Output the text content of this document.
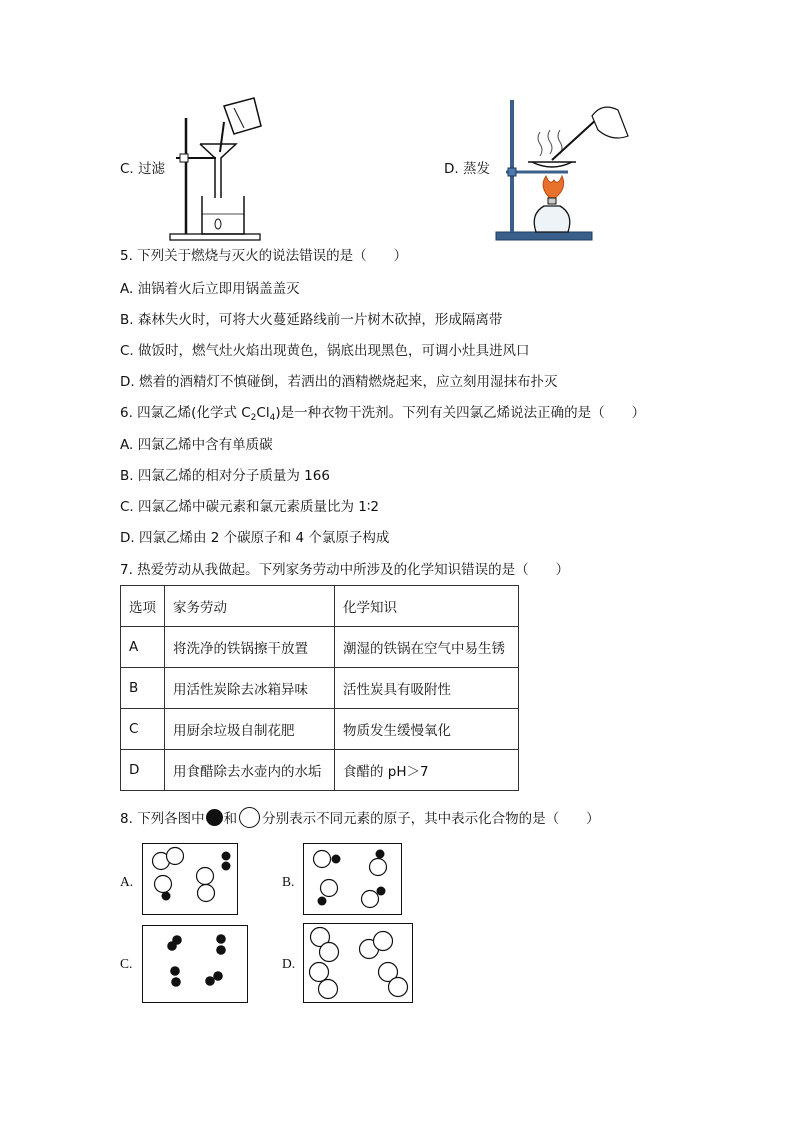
C. 过滤	D. 蒸发
5. 下列关于燃烧与灭火的说法错误的是（　　）
A. 油锅着火后立即用锅盖盖灭
B. 森林失火时，可将大火蔓延路线前一片树木砍掉，形成隔离带
C. 做饭时，燃气灶火焰出现黄色，锅底出现黑色，可调小灶具进风口
D. 燃着的酒精灯不慎碰倒，若洒出的酒精燃烧起来，应立刻用湿抹布扑灭
6. 四氯乙烯(化学式 $C_2Cl_4$)是一种衣物干洗剂。下列有关四氯乙烯说法正确的是（　　）
A. 四氯乙烯中含有单质碳
B. 四氯乙烯的相对分子质量为 166
C. 四氯乙烯中碳元素和氯元素质量比为 1∶2
D. 四氯乙烯由 2 个碳原子和 4 个氯原子构成
7. 热爱劳动从我做起。下列家务劳动中所涉及的化学知识错误的是（　　）
选项	家务劳动	化学知识
A	将洗净的铁锅擦干放置	潮湿的铁锅在空气中易生锈
B	用活性炭除去冰箱异味	活性炭具有吸附性
C	用厨余垃圾自制花肥	物质发生缓慢氧化
D	用食醋除去水壶内的水垢	食醋的 pH＞7
8. 下列各图中 和 分别表示不同元素的原子，其中表示化合物的是（　　）
A.	B.
C.	D.
